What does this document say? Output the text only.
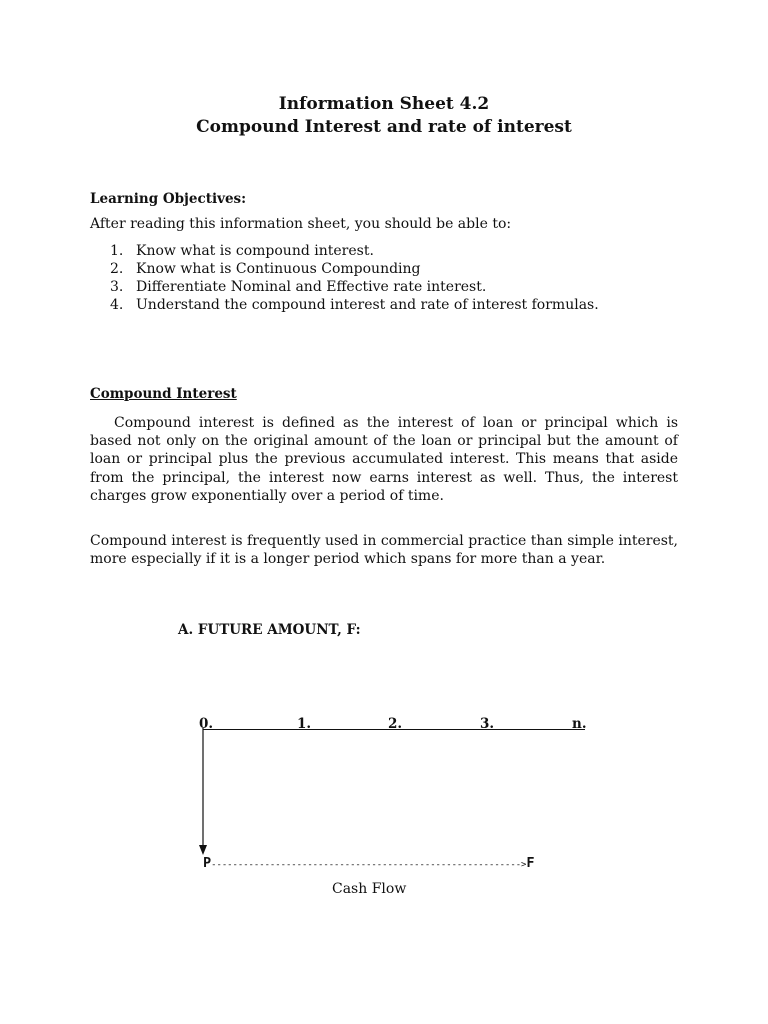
Information Sheet 4.2
Compound Interest and rate of interest
Learning Objectives:
After reading this information sheet, you should be able to:
1. Know what is compound interest.
2. Know what is Continuous Compounding
3. Differentiate Nominal and Effective rate interest.
4. Understand the compound interest and rate of interest formulas.
Compound Interest

Compound interest is defined as the interest of loan or principal which is based not only on the original amount of the loan or principal but the amount of loan or principal plus the previous accumulated interest. This means that aside from the principal, the interest now earns interest as well. Thus, the interest charges grow exponentially over a period of time.

Compound interest is frequently used in commercial practice than simple interest, more especially if it is a longer period which spans for more than a year.

A. FUTURE AMOUNT, F:
0.	1.	2.	3.	n.
P---------------------------------------------------------->F
Cash Flow
